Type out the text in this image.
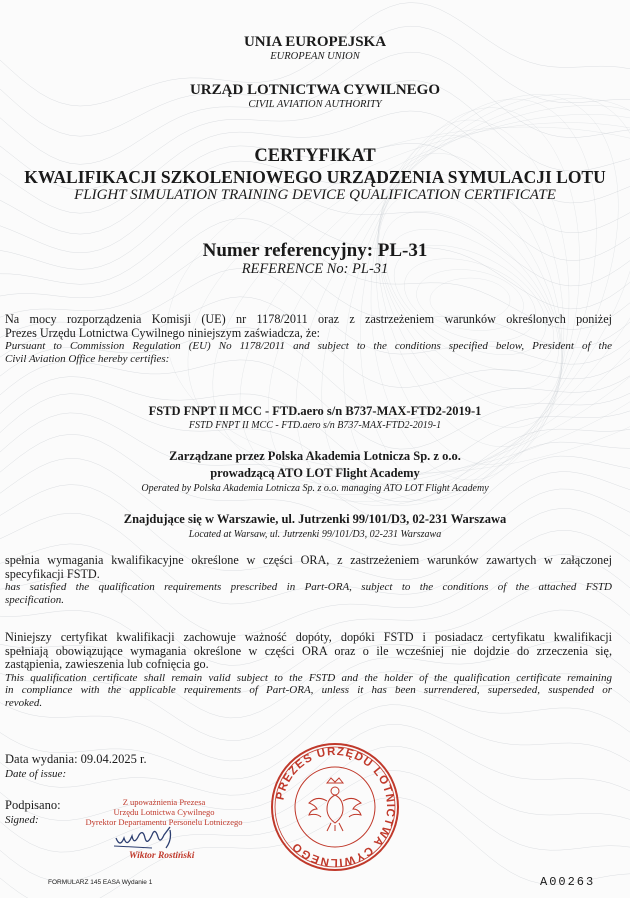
UNIA EUROPEJSKA
EUROPEAN UNION
URZĄD LOTNICTWA CYWILNEGO
CIVIL AVIATION AUTHORITY
CERTYFIKAT
KWALIFIKACJI SZKOLENIOWEGO URZĄDZENIA SYMULACJI LOTU
FLIGHT SIMULATION TRAINING DEVICE QUALIFICATION CERTIFICATE
Numer referencyjny: PL-31
REFERENCE No: PL-31
Na mocy rozporządzenia Komisji (UE) nr 1178/2011 oraz z zastrzeżeniem warunków określonych poniżej
Prezes Urzędu Lotnictwa Cywilnego niniejszym zaświadcza, że:
Pursuant to Commission Regulation (EU) No 1178/2011 and subject to the conditions specified below, President of the
Civil Aviation Office hereby certifies:
FSTD FNPT II MCC - FTD.aero s/n B737-MAX-FTD2-2019-1
FSTD FNPT II MCC - FTD.aero s/n B737-MAX-FTD2-2019-1
Zarządzane przez Polska Akademia Lotnicza Sp. z o.o.
prowadzącą ATO LOT Flight Academy
Operated by Polska Akademia Lotnicza Sp. z o.o. managing ATO LOT Flight Academy
Znajdujące się w Warszawie, ul. Jutrzenki 99/101/D3, 02-231 Warszawa
Located at Warsaw, ul. Jutrzenki 99/101/D3, 02-231 Warszawa
spełnia wymagania kwalifikacyjne określone w części ORA, z zastrzeżeniem warunków zawartych w załączonej
specyfikacji FSTD.
has satisfied the qualification requirements prescribed in Part-ORA, subject to the conditions of the attached FSTD
specification.
Niniejszy certyfikat kwalifikacji zachowuje ważność dopóty, dopóki FSTD i posiadacz certyfikatu kwalifikacji
spełniają obowiązujące wymagania określone w części ORA oraz o ile wcześniej nie dojdzie do zrzeczenia się,
zastąpienia, zawieszenia lub cofnięcia go.
This qualification certificate shall remain valid subject to the FSTD and the holder of the qualification certificate remaining
in compliance with the applicable requirements of Part-ORA, unless it has been surrendered, superseded, suspended or
revoked.
Data wydania: 09.04.2025 r.
Date of issue:
Podpisano:
Signed:
Z upoważnienia Prezesa
Urzędu Lotnictwa Cywilnego
Dyrektor Departamentu Personelu Lotniczego
Wiktor Rostiński
PREZES URZĘDU LOTNICTWA CYWILNEGO
FORMULARZ 145 EASA Wydanie 1	A00263
